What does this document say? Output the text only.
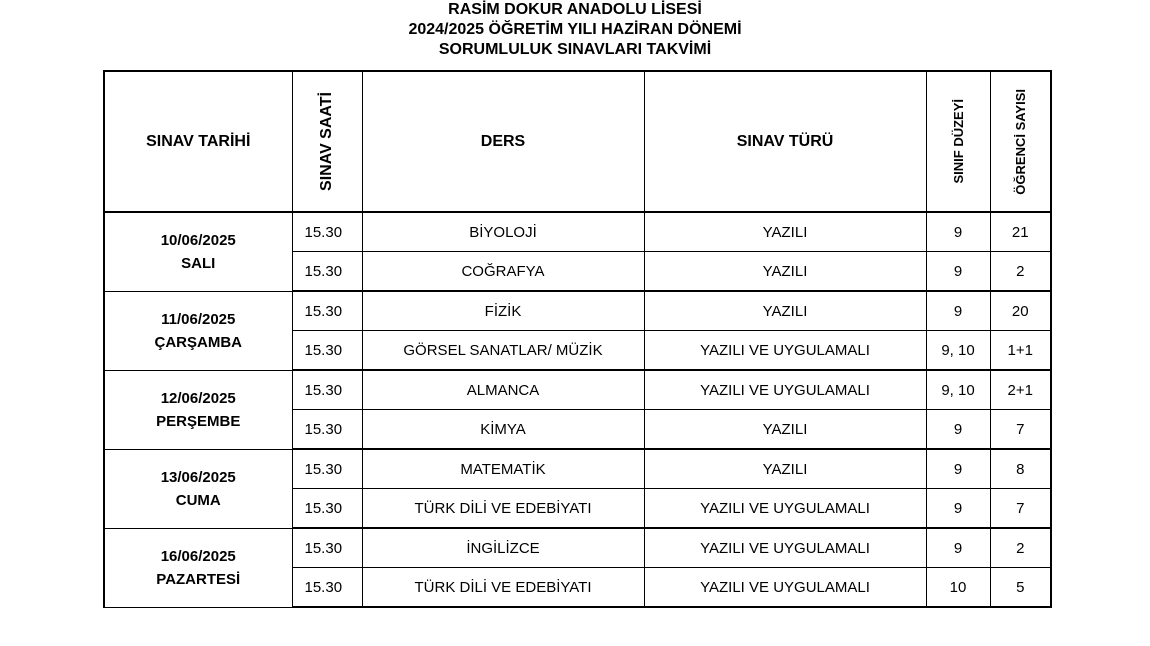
RASİM DOKUR ANADOLU LİSESİ
2024/2025 ÖĞRETİM YILI HAZİRAN DÖNEMİ
SORUMLULUK SINAVLARI TAKVİMİ
SINAV TARİHİ	SINAV SAATİ	DERS	SINAV TÜRÜ	SINIF DÜZEYİ	ÖĞRENCİ SAYISI

10/06/2025
SALI	15.30	BİYOLOJİ	YAZILI	9	21
	15.30	COĞRAFYA	YAZILI	9	2

11/06/2025
ÇARŞAMBA	15.30	FİZİK	YAZILI	9	20
	15.30	GÖRSEL SANATLAR/ MÜZİK	YAZILI VE UYGULAMALI	9, 10	1+1

12/06/2025
PERŞEMBE	15.30	ALMANCA	YAZILI VE UYGULAMALI	9, 10	2+1
	15.30	KİMYA	YAZILI	9	7

13/06/2025
CUMA	15.30	MATEMATİK	YAZILI	9	8
	15.30	TÜRK DİLİ VE EDEBİYATI	YAZILI VE UYGULAMALI	9	7

16/06/2025
PAZARTESİ	15.30	İNGİLİZCE	YAZILI VE UYGULAMALI	9	2
	15.30	TÜRK DİLİ VE EDEBİYATI	YAZILI VE UYGULAMALI	10	5
